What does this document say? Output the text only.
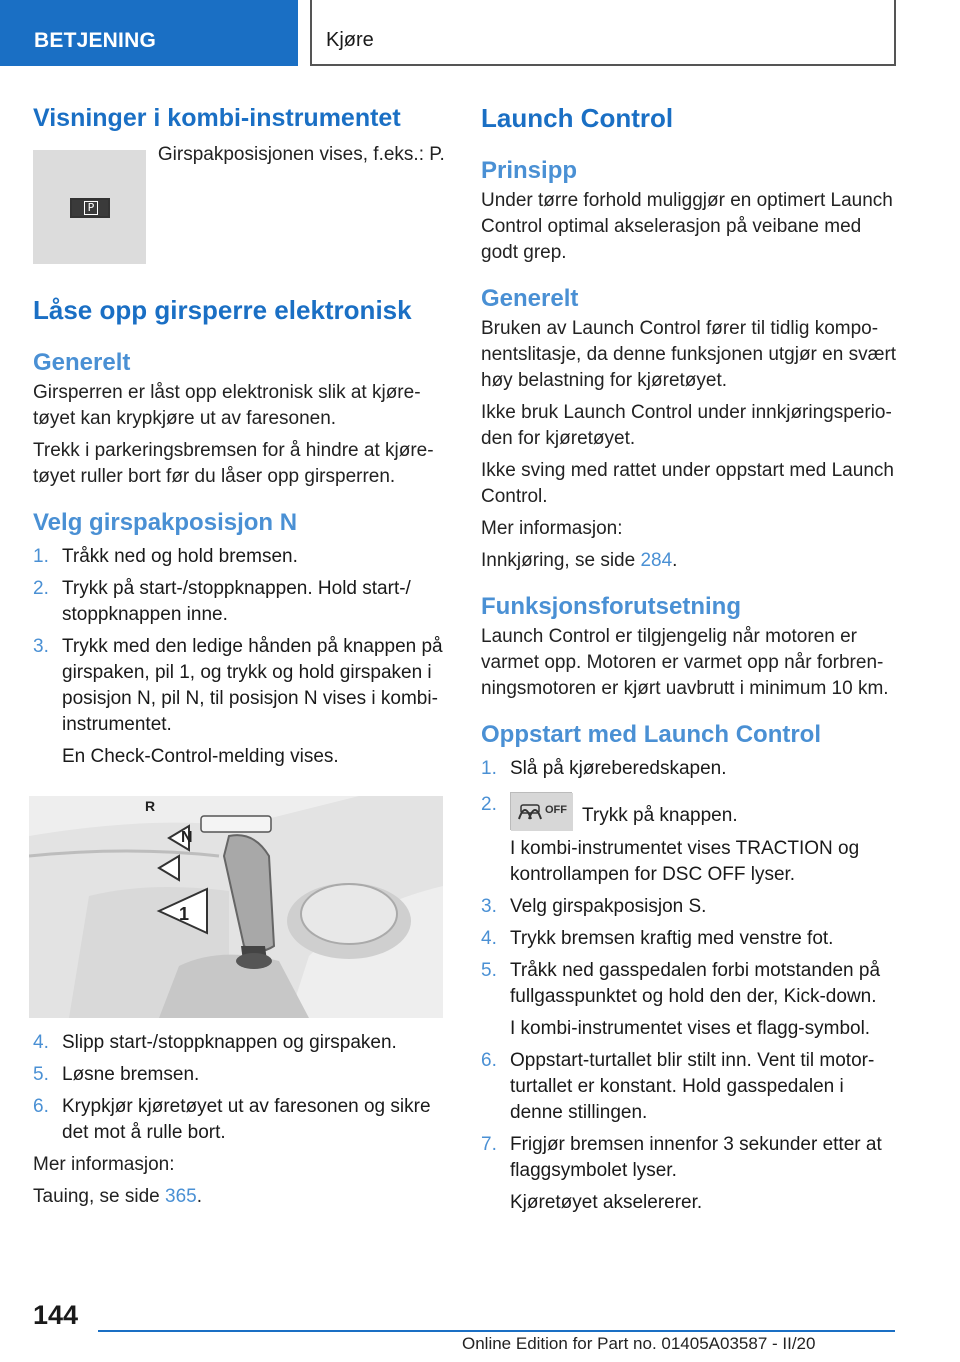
BETJENING	Kjøre
Visninger i kombi-instrumentet
P

Girspakposisjonen vises, f.eks.: P.

Låse opp girsperre elektronisk
Generelt

Girsperren er låst opp elektronisk slik at kjøre-tøyet kan krypkjøre ut av faresonen.

Trekk i parkeringsbremsen for å hindre at kjøre-tøyet ruller bort før du låser opp girsperren.

Velg girspakposisjon N
1. Tråkk ned og hold bremsen.
2. Trykk på start-/stoppknappen. Hold start-/ stoppknappen inne.
3. Trykk med den ledige hånden på knappen på girspaken, pil 1, og trykk og hold girspaken i posisjon N, pil N, til posisjon N vises i kombi-instrumentet.
En Check-Control-melding vises.
R
N
1
4. Slipp start-/stoppknappen og girspaken.
5. Løsne bremsen.
6. Krypkjør kjøretøyet ut av faresonen og sikre det mot å rulle bort.

Mer informasjon:

Tauing, se side 365.

Launch Control
Prinsipp

Under tørre forhold muliggjør en optimert Launch Control optimal akselerasjon på veibane med godt grep.

Generelt

Bruken av Launch Control fører til tidlig kompo-nentslitasje, da denne funksjonen utgjør en svært høy belastning for kjøretøyet.

Ikke bruk Launch Control under innkjøringsperio-den for kjøretøyet.

Ikke sving med rattet under oppstart med Launch Control.

Mer informasjon:

Innkjøring, se side 284.

Funksjonsforutsetning

Launch Control er tilgjengelig når motoren er varmet opp. Motoren er varmet opp når forbren-ningsmotoren er kjørt uavbrutt i minimum 10 km.

Oppstart med Launch Control
1. Slå på kjøreberedskapen.
2.	OFF Trykk på knappen.
I kombi-instrumentet vises TRACTION og kontrollampen for DSC OFF lyser.
3. Velg girspakposisjon S.
4. Trykk bremsen kraftig med venstre fot.
5. Tråkk ned gasspedalen forbi motstanden på fullgasspunktet og hold den der, Kick-down.
I kombi-instrumentet vises et flagg-symbol.
6. Oppstart-turtallet blir stilt inn. Vent til motor-turtallet er konstant. Hold gasspedalen i denne stillingen.
7. Frigjør bremsen innenfor 3 sekunder etter at flaggsymbolet lyser.
Kjøretøyet akselererer.
144
Online Edition for Part no. 01405A03587 - II/20
